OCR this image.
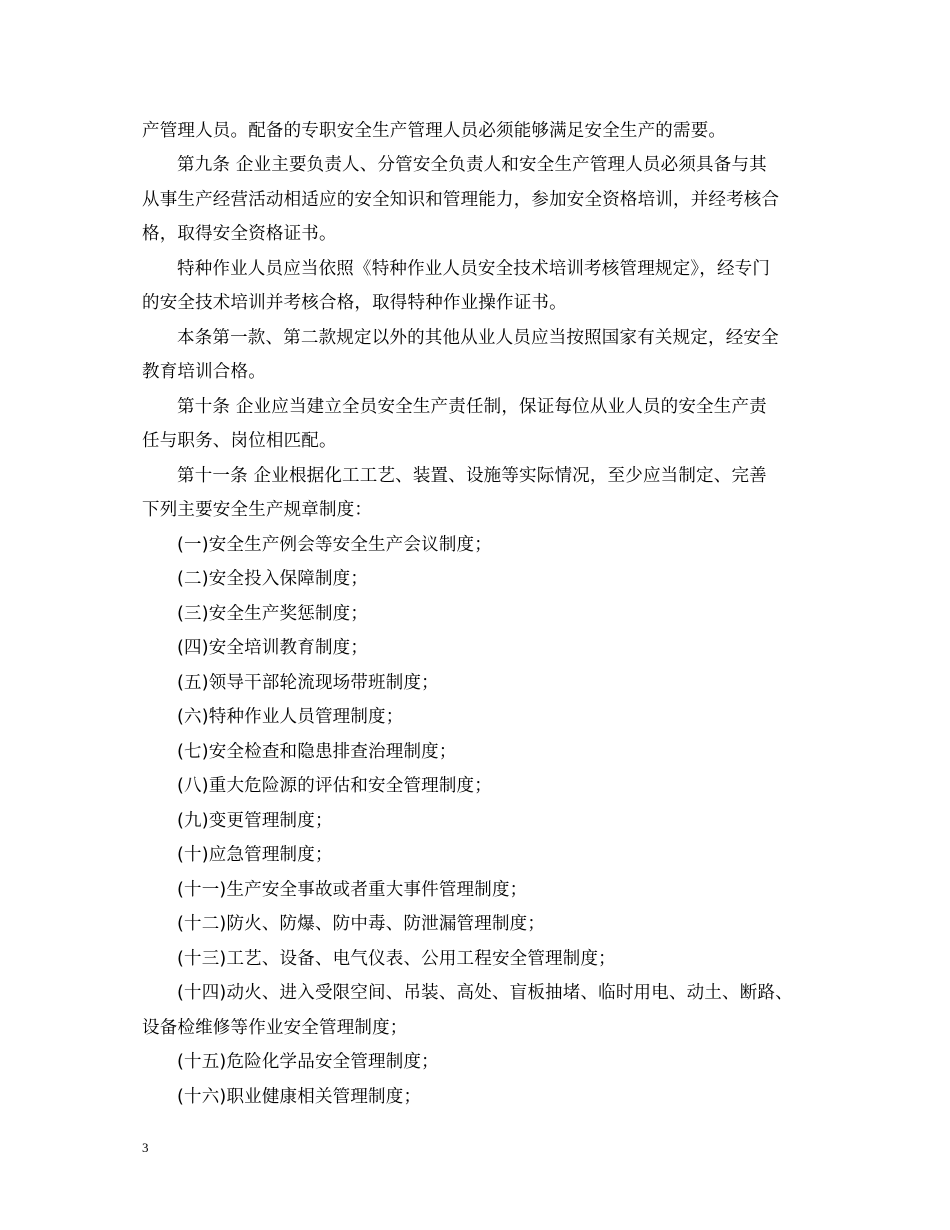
产管理人员。配备的专职安全生产管理人员必须能够满足安全生产的需要。
第九条 企业主要负责人、分管安全负责人和安全生产管理人员必须具备与其
从事生产经营活动相适应的安全知识和管理能力，参加安全资格培训，并经考核合
格，取得安全资格证书。
特种作业人员应当依照《特种作业人员安全技术培训考核管理规定》，经专门
的安全技术培训并考核合格，取得特种作业操作证书。
本条第一款、第二款规定以外的其他从业人员应当按照国家有关规定，经安全
教育培训合格。
第十条 企业应当建立全员安全生产责任制，保证每位从业人员的安全生产责
任与职务、岗位相匹配。
第十一条 企业根据化工工艺、装置、设施等实际情况，至少应当制定、完善
下列主要安全生产规章制度：
(一)安全生产例会等安全生产会议制度；
(二)安全投入保障制度；
(三)安全生产奖惩制度；
(四)安全培训教育制度；
(五)领导干部轮流现场带班制度；
(六)特种作业人员管理制度；
(七)安全检查和隐患排查治理制度；
(八)重大危险源的评估和安全管理制度；
(九)变更管理制度；
(十)应急管理制度；
(十一)生产安全事故或者重大事件管理制度；
(十二)防火、防爆、防中毒、防泄漏管理制度；
(十三)工艺、设备、电气仪表、公用工程安全管理制度；
(十四)动火、进入受限空间、吊装、高处、盲板抽堵、临时用电、动土、断路、
设备检维修等作业安全管理制度；
(十五)危险化学品安全管理制度；
(十六)职业健康相关管理制度；
3
